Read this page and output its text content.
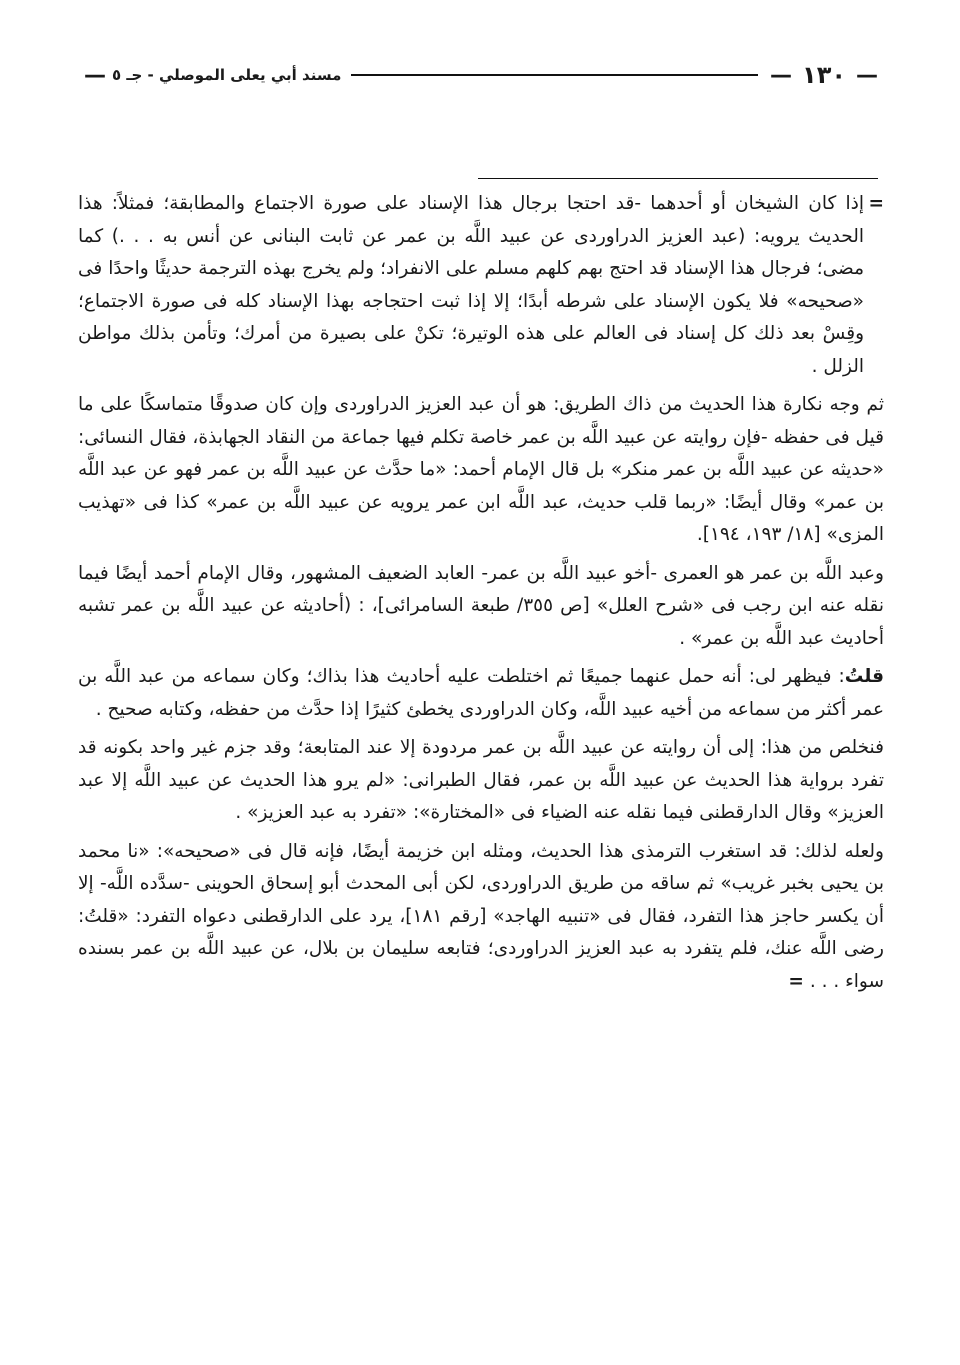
—
١٣٠
—
مسند أبي يعلى الموصلي - جـ ٥
—

=
إذا كان الشيخان أو أحدهما -قد احتجا برجال هذا الإسناد على صورة الاجتماع والمطابقة؛ فمثلاً: هذا الحديث يرويه: (عبد العزيز الدراوردى عن عبيد اللَّه بن عمر عن ثابت البنانى عن أنس به . . .) كما مضى؛ فرجال هذا الإسناد قد احتج بهم كلهم مسلم على الانفراد؛ ولم يخرج بهذه الترجمة حديثًا واحدًا فى «صحيحه» فلا يكون الإسناد على شرطه أبدًا؛ إلا إذا ثبت احتجاجه بهذا الإسناد كله فى صورة الاجتماع؛ وقِسْ بعد ذلك كل إسناد فى العالم على هذه الوتيرة؛ تكنْ على بصيرة من أمرك؛ وتأمن بذلك مواطن الزلل .

ثم وجه نكارة هذا الحديث من ذاك الطريق: هو أن عبد العزيز الدراوردى وإن كان صدوقًا متماسكًا على ما قيل فى حفظه -فإن روايته عن عبيد اللَّه بن عمر خاصة تكلم فيها جماعة من النقاد الجهابذة، فقال النسائى: «حديثه عن عبيد اللَّه بن عمر منكر» بل قال الإمام أحمد: «ما حدَّث عن عبيد اللَّه بن عمر فهو عن عبد اللَّه بن عمر» وقال أيضًا: «ربما قلب حديث، عبد اللَّه ابن عمر يرويه عن عبيد اللَّه بن عمر» كذا فى «تهذيب المزى» [١٨/ ١٩٣، ١٩٤].

وعبد اللَّه بن عمر هو العمرى -أخو عبيد اللَّه بن عمر- العابد الضعيف المشهور، وقال الإمام أحمد أيضًا فيما نقله عنه ابن رجب فى «شرح العلل» [ص ٣٥٥/ طبعة السامرائى]، : (أحاديثه عن عبيد اللَّه بن عمر تشبه أحاديث عبد اللَّه بن عمر» .

قلتُ: فيظهر لى: أنه حمل عنهما جميعًا ثم اختلطت عليه أحاديث هذا بذاك؛ وكان سماعه من عبد اللَّه بن عمر أكثر من سماعه من أخيه عبيد اللَّه، وكان الدراوردى يخطئ كثيرًا إذا حدَّث من حفظه، وكتابه صحيح .

فنخلص من هذا: إلى أن روايته عن عبيد اللَّه بن عمر مردودة إلا عند المتابعة؛ وقد جزم غير واحد بكونه قد تفرد برواية هذا الحديث عن عبيد اللَّه بن عمر، فقال الطبرانى: «لم يرو هذا الحديث عن عبيد اللَّه إلا عبد العزيز» وقال الدارقطنى فيما نقله عنه الضياء فى «المختارة»: «تفرد به عبد العزيز» .

ولعله لذلك: قد استغرب الترمذى هذا الحديث، ومثله ابن خزيمة أيضًا، فإنه قال فى «صحيحه»: «نا محمد بن يحيى بخبر غريب» ثم ساقه من طريق الدراوردى، لكن أبى المحدث أبو إسحاق الحوينى -سدَّده اللَّه- إلا أن يكسر حاجز هذا التفرد، فقال فى «تنبيه الهاجد» [رقم ١٨١]، يرد على الدارقطنى دعواه التفرد: «قلتُ: رضى اللَّه عنك، فلم يتفرد به عبد العزيز الدراوردى؛ فتابعه سليمان بن بلال، عن عبيد اللَّه بن عمر بسنده سواء . . . =
